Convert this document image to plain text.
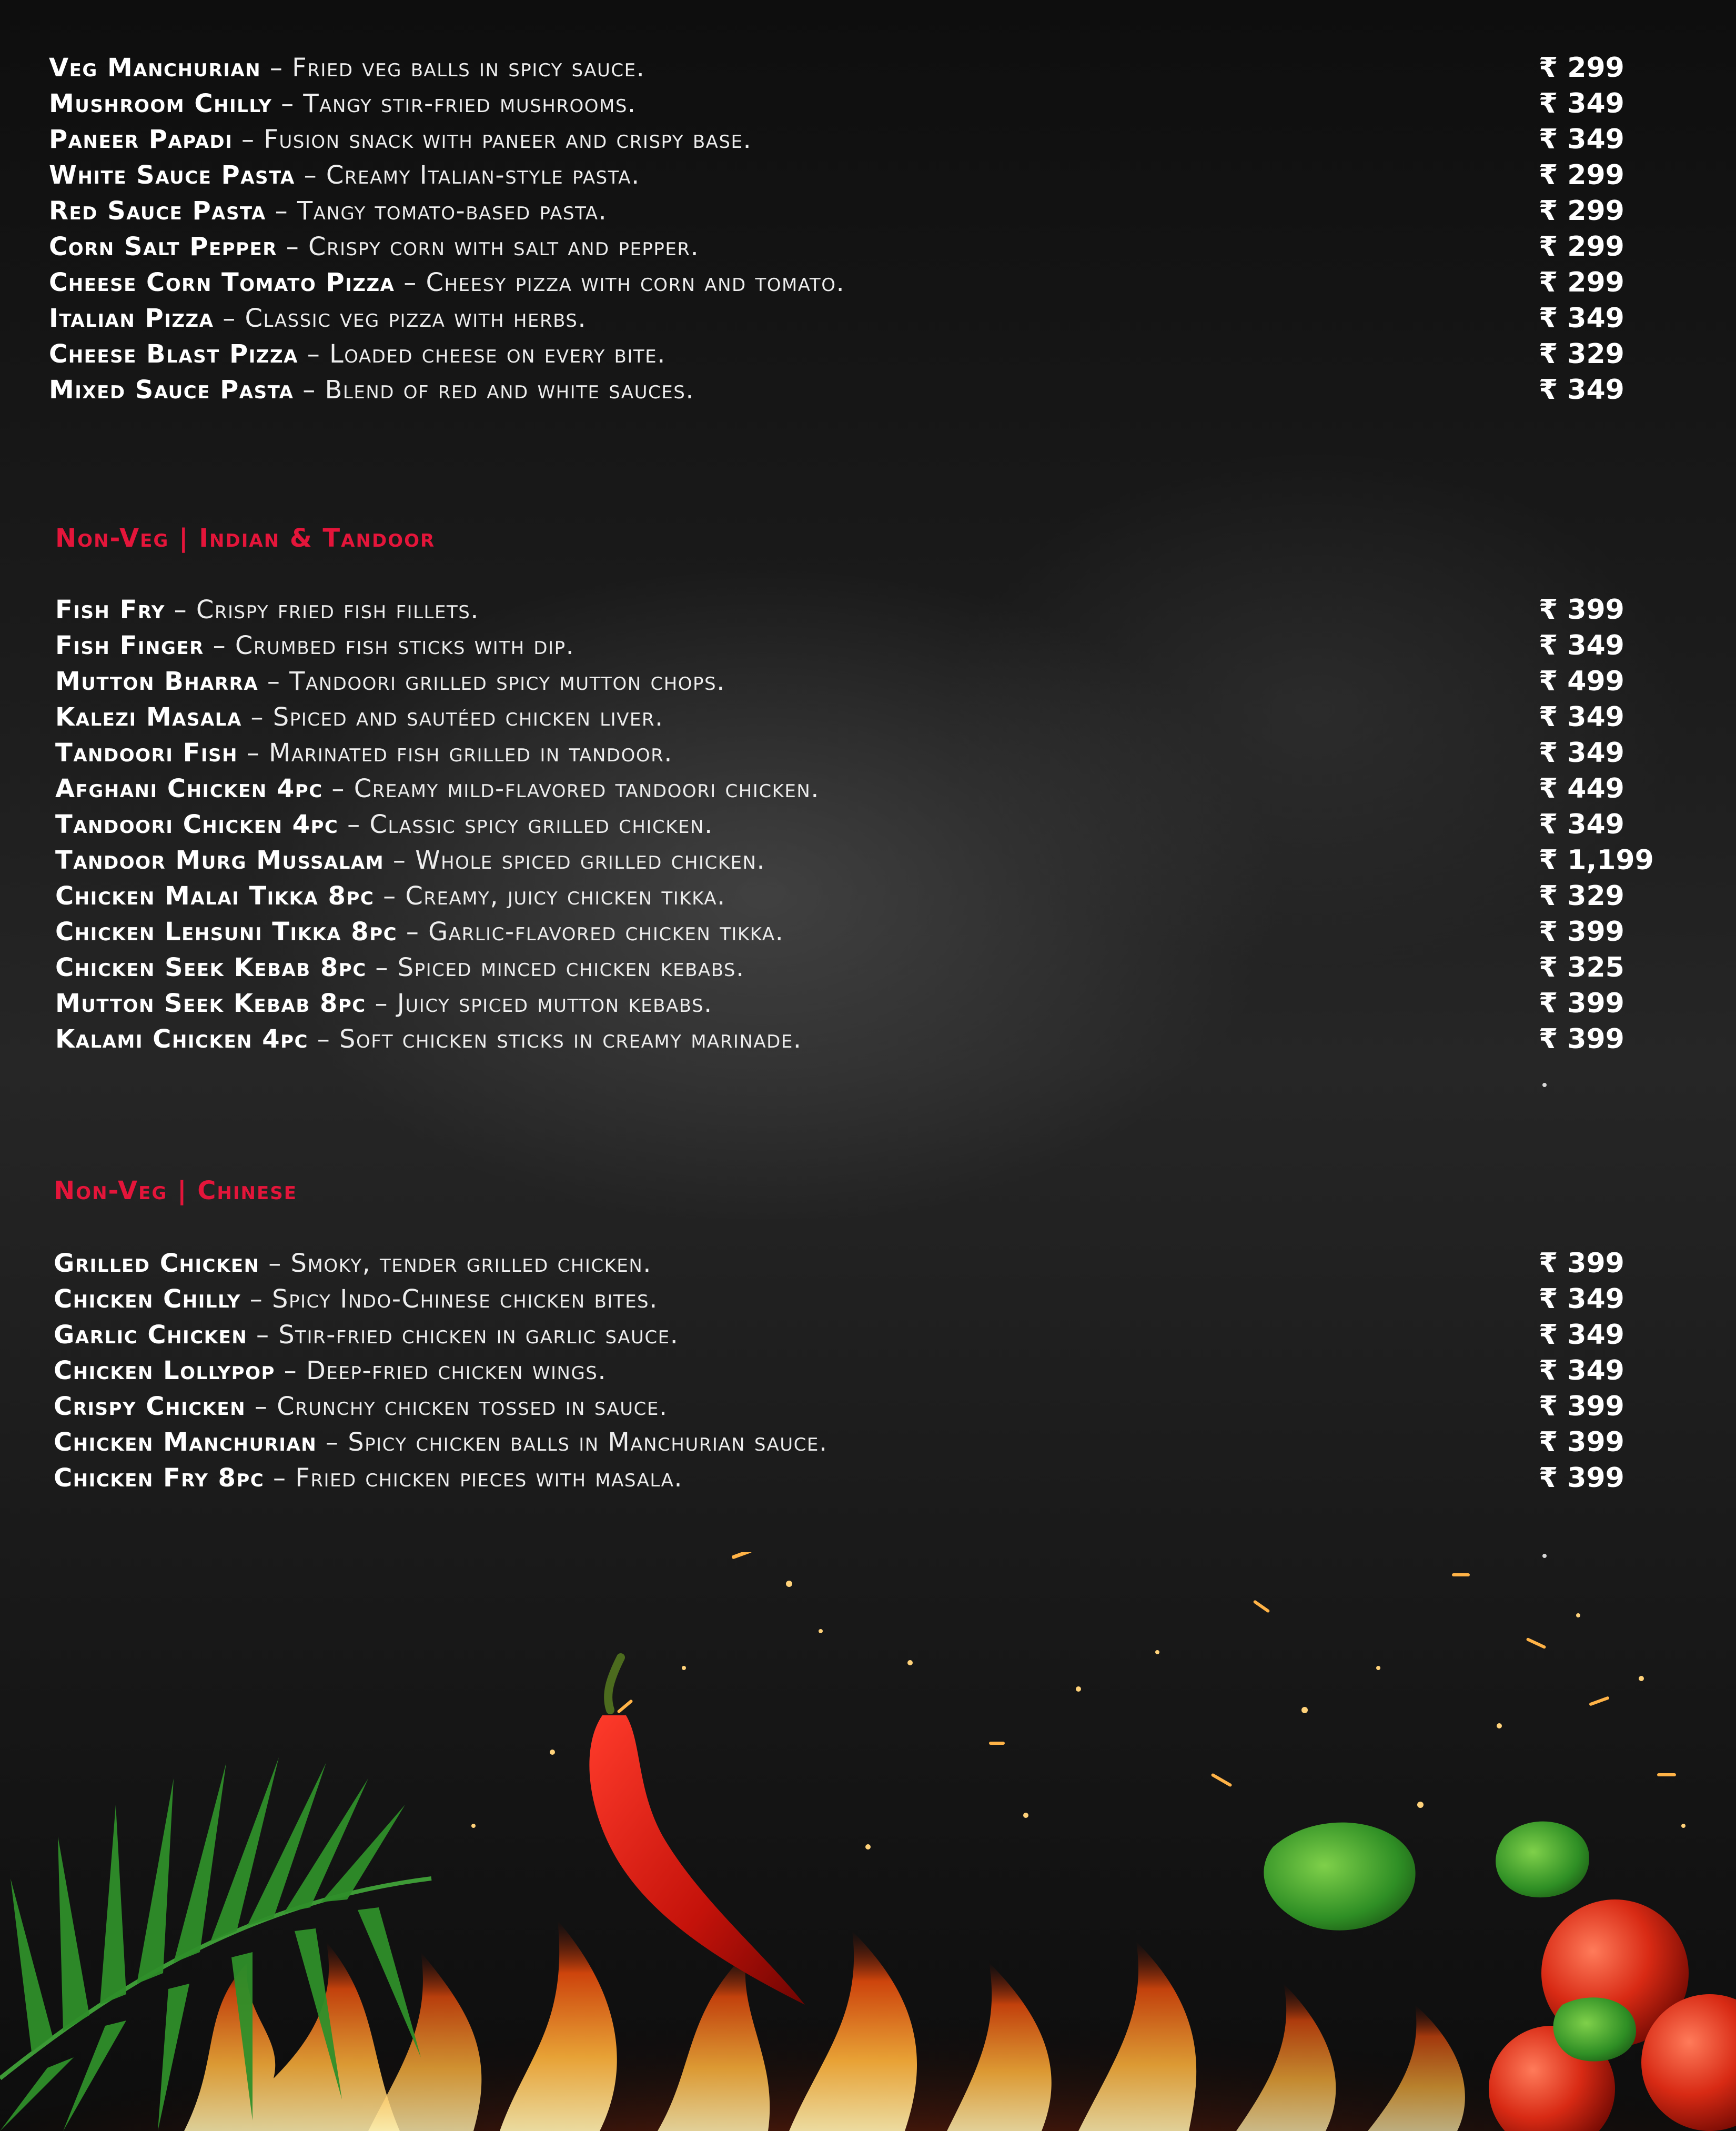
Veg Manchurian – Fried veg balls in spicy sauce.	₹ 299
Mushroom Chilly – Tangy stir-fried mushrooms.	₹ 349
Paneer Papadi – Fusion snack with paneer and crispy base.	₹ 349
White Sauce Pasta – Creamy Italian-style pasta.	₹ 299
Red Sauce Pasta – Tangy tomato-based pasta.	₹ 299
Corn Salt Pepper – Crispy corn with salt and pepper.	₹ 299
Cheese Corn Tomato Pizza – Cheesy pizza with corn and tomato.	₹ 299
Italian Pizza – Classic veg pizza with herbs.	₹ 349
Cheese Blast Pizza – Loaded cheese on every bite.	₹ 329
Mixed Sauce Pasta – Blend of red and white sauces.	₹ 349
Non-Veg | Indian & Tandoor
Fish Fry – Crispy fried fish fillets.	₹ 399
Fish Finger – Crumbed fish sticks with dip.	₹ 349
Mutton Bharra – Tandoori grilled spicy mutton chops.	₹ 499
Kalezi Masala – Spiced and sautéed chicken liver.	₹ 349
Tandoori Fish – Marinated fish grilled in tandoor.	₹ 349
Afghani Chicken 4pc – Creamy mild-flavored tandoori chicken.	₹ 449
Tandoori Chicken 4pc – Classic spicy grilled chicken.	₹ 349
Tandoor Murg Mussalam – Whole spiced grilled chicken.	₹ 1,199
Chicken Malai Tikka 8pc – Creamy, juicy chicken tikka.	₹ 329
Chicken Lehsuni Tikka 8pc – Garlic-flavored chicken tikka.	₹ 399
Chicken Seek Kebab 8pc – Spiced minced chicken kebabs.	₹ 325
Mutton Seek Kebab 8pc – Juicy spiced mutton kebabs.	₹ 399
Kalami Chicken 4pc – Soft chicken sticks in creamy marinade.	₹ 399
Non-Veg | Chinese
Grilled Chicken – Smoky, tender grilled chicken.	₹ 399
Chicken Chilly – Spicy Indo-Chinese chicken bites.	₹ 349
Garlic Chicken – Stir-fried chicken in garlic sauce.	₹ 349
Chicken Lollypop – Deep-fried chicken wings.	₹ 349
Crispy Chicken – Crunchy chicken tossed in sauce.	₹ 399
Chicken Manchurian – Spicy chicken balls in Manchurian sauce.	₹ 399
Chicken Fry 8pc – Fried chicken pieces with masala.	₹ 399
